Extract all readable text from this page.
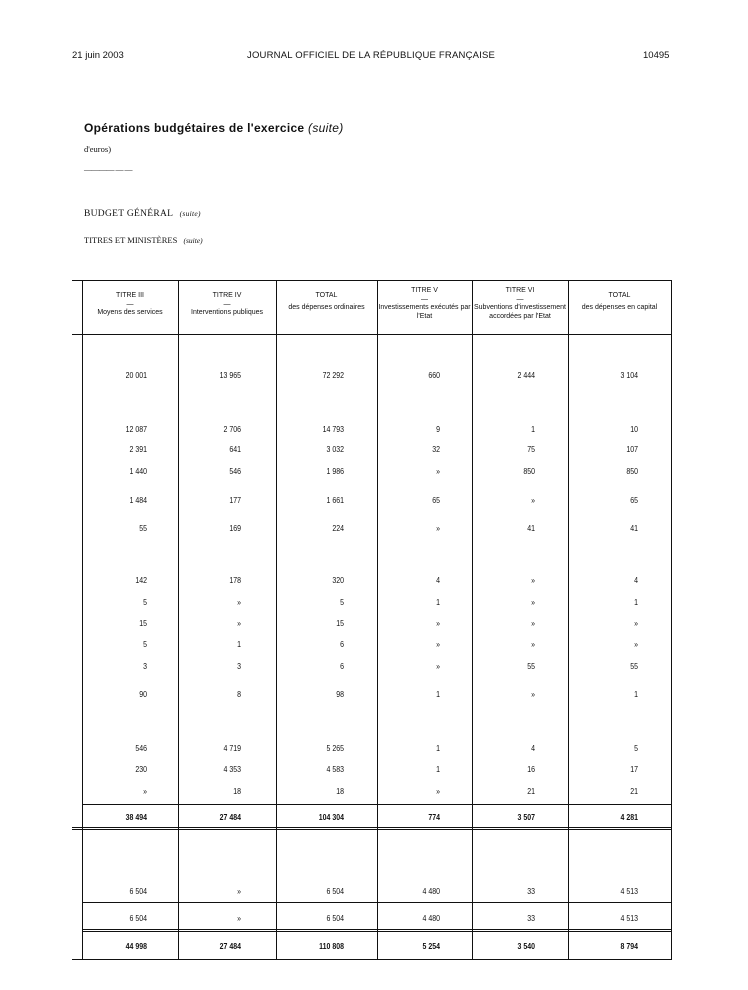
21 juin 2003	JOURNAL OFFICIEL DE LA RÉPUBLIQUE FRANÇAISE	10495
Opérations budgétaires de l'exercice (suite)
d'euros)
———— — —
BUDGET GÉNÉRAL (suite)
TITRES ET MINISTÈRES (suite)
TITRE III
—
Moyens des services
TITRE IV
—
Interventions publiques
TOTAL

des dépenses ordinaires
TITRE V
—
Investissements exécutés par l'Etat
TITRE VI
—
Subventions d'investissement accordées par l'Etat
TOTAL

des dépenses en capital
20 001	13 965	72 292	660	2 444	3 104
12 087	2 706	14 793	9	1	10
2 391	641	3 032	32	75	107
1 440	546	1 986	»	850	850
1 484	177	1 661	65	»	65
55	169	224	»	41	41
142	178	320	4	»	4
5	»	5	1	»	1
15	»	15	»	»	»
5	1	6	»	»	»
3	3	6	»	55	55
90	8	98	1	»	1
546	4 719	5 265	1	4	5
230	4 353	4 583	1	16	17
»	18	18	»	21	21
38 494	27 484	104 304	774	3 507	4 281
6 504	»	6 504	4 480	33	4 513
6 504	»	6 504	4 480	33	4 513
44 998	27 484	110 808	5 254	3 540	8 794
